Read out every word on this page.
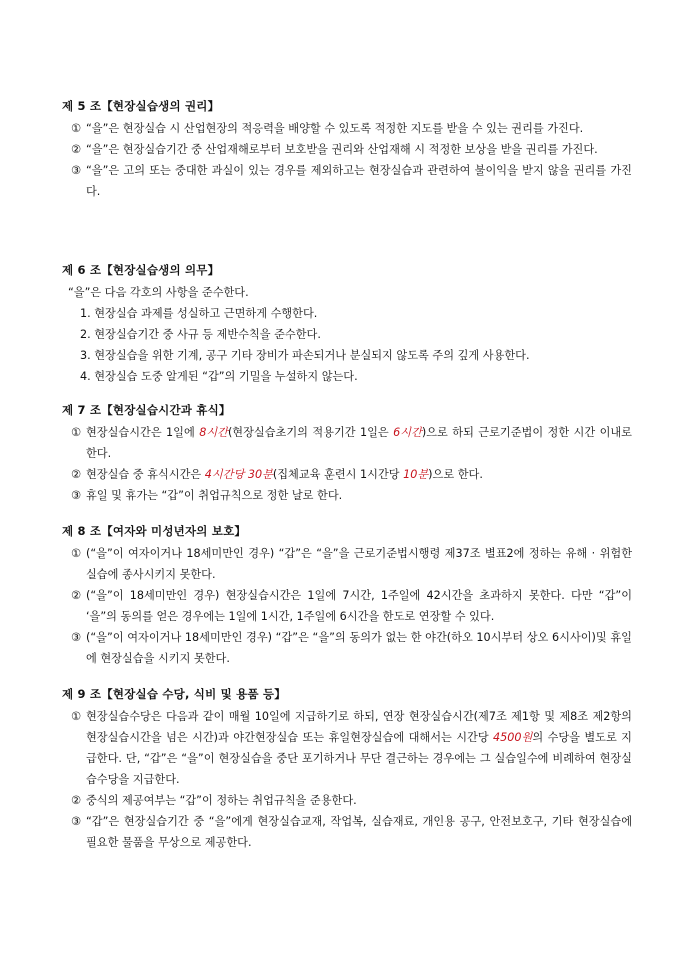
제 5 조【현장실습생의 권리】
① “을”은 현장실습 시 산업현장의 적응력을 배양할 수 있도록 적정한 지도를 받을 수 있는 권리를 가진다.
② “을”은 현장실습기간 중 산업재해로부터 보호받을 권리와 산업재해 시 적정한 보상을 받을 권리를 가진다.
③ “을”은 고의 또는 중대한 과실이 있는 경우를 제외하고는 현장실습과 관련하여 불이익을 받지 않을 권리를 가진다.
제 6 조【현장실습생의 의무】
“을”은 다음 각호의 사항을 준수한다.
1. 현장실습 과제를 성실하고 근면하게 수행한다.
2. 현장실습기간 중 사규 등 제반수칙을 준수한다.
3. 현장실습을 위한 기계, 공구 기타 장비가 파손되거나 분실되지 않도록 주의 깊게 사용한다.
4. 현장실습 도중 알게된 “갑”의 기밀을 누설하지 않는다.
제 7 조【현장실습시간과 휴식】
① 현장실습시간은 1일에 8시간(현장실습초기의 적용기간 1일은 6시간)으로 하되 근로기준법이 정한 시간 이내로 한다.
② 현장실습 중 휴식시간은 4시간당 30분(집체교육 훈련시 1시간당 10분)으로 한다.
③ 휴일 및 휴가는 “갑”이 취업규칙으로 정한 날로 한다.
제 8 조【여자와 미성년자의 보호】
① (“을”이 여자이거나 18세미만인 경우) “갑”은 “을”을 근로기준법시행령 제37조 별표2에 정하는 유해 · 위험한 실습에 종사시키지 못한다.
② (“을”이 18세미만인 경우) 현장실습시간은 1일에 7시간, 1주일에 42시간을 초과하지 못한다. 다만 “갑”이 ‘을”의 동의를 얻은 경우에는 1일에 1시간, 1주일에 6시간을 한도로 연장할 수 있다.
③ (“을”이 여자이거나 18세미만인 경우) “갑”은 “을”의 동의가 없는 한 야간(하오 10시부터 상오 6시사이)및 휴일에 현장실습을 시키지 못한다.
제 9 조【현장실습 수당, 식비 및 용품 등】
① 현장실습수당은 다음과 같이 매월 10일에 지급하기로 하되, 연장 현장실습시간(제7조 제1항 및 제8조 제2항의 현장실습시간을 넘은 시간)과 야간현장실습 또는 휴일현장실습에 대해서는 시간당 4500원의 수당을 별도로 지급한다. 단, “갑”은 “을”이 현장실습을 중단 포기하거나 무단 결근하는 경우에는 그 실습일수에 비례하여 현장실습수당을 지급한다.
② 중식의 제공여부는 “갑”이 정하는 취업규칙을 준용한다.
③ “갑”은 현장실습기간 중 “을”에게 현장실습교재, 작업복, 실습재료, 개인용 공구, 안전보호구, 기타 현장실습에 필요한 물품을 무상으로 제공한다.
